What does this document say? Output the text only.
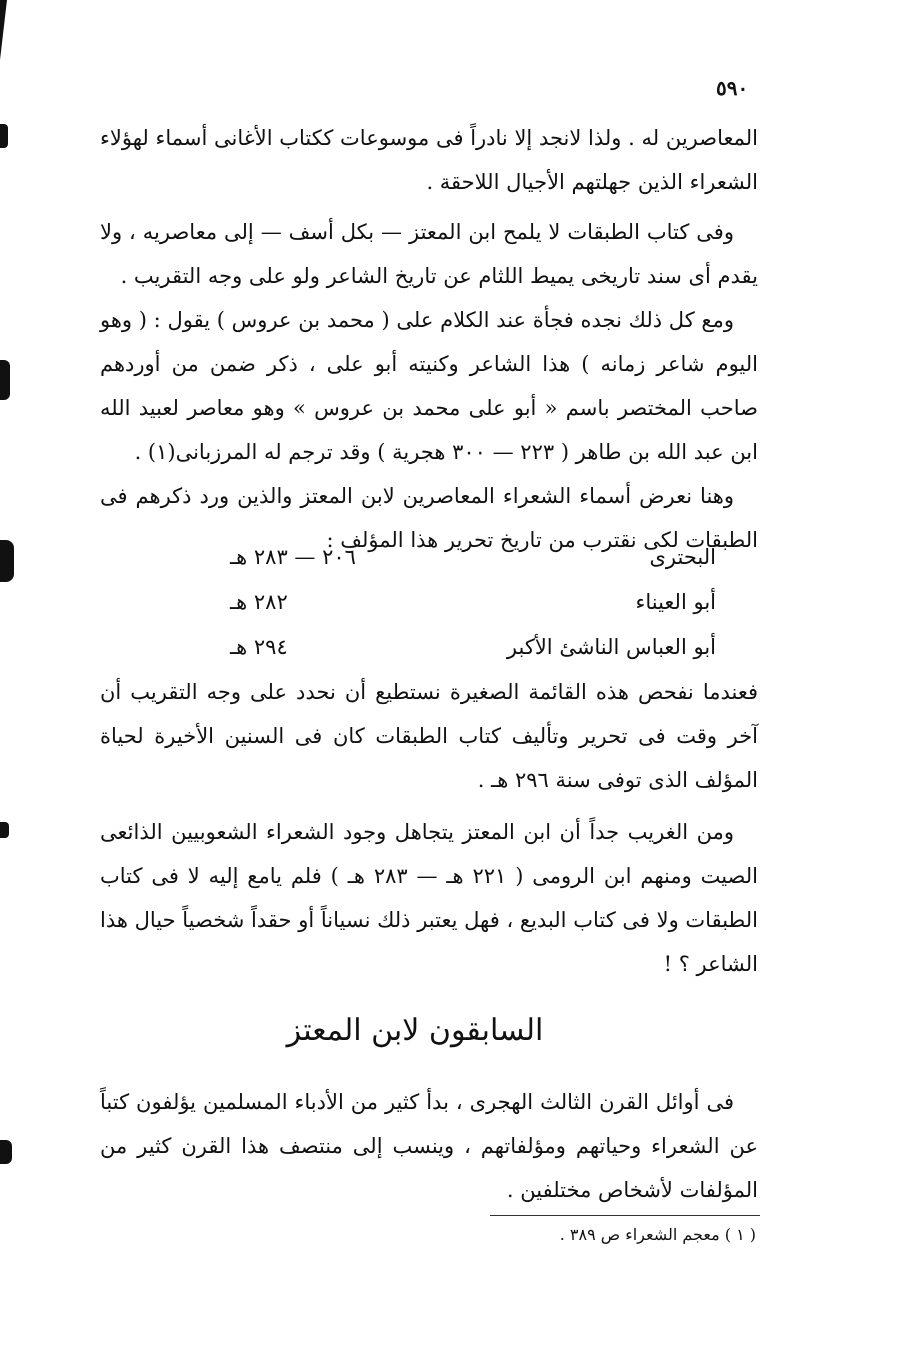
٥٩٠

المعاصرين له . ولذا لانجد إلا نادراً فى موسوعات ككتاب الأغانى أسماء لهؤلاء الشعراء الذين جهلتهم الأجيال اللاحقة .

وفى كتاب الطبقات لا يلمح ابن المعتز — بكل أسف — إلى معاصريه ، ولا يقدم أى سند تاريخى يميط اللثام عن تاريخ الشاعر ولو على وجه التقريب .

ومع كل ذلك نجده فجأة عند الكلام على ( محمد بن عروس ) يقول : ( وهو اليوم شاعر زمانه ) هذا الشاعر وكنيته أبو على ، ذكر ضمن من أوردهم صاحب المختصر باسم « أبو على محمد بن عروس » وهو معاصر لعبيد الله ابن عبد الله بن طاهر ( ٢٢٣ — ٣٠٠ هجرية ) وقد ترجم له المرزبانى(١) .

وهنا نعرض أسماء الشعراء المعاصرين لابن المعتز والذين ورد ذكرهم فى الطبقات لكى نقترب من تاريخ تحرير هذا المؤلف :

البحترى
٢٠٦ — ٢٨٣ هـ
أبو العيناء
٢٨٢ هـ
أبو العباس الناشئ الأكبر
٢٩٤ هـ

فعندما نفحص هذه القائمة الصغيرة نستطيع أن نحدد على وجه التقريب أن آخر وقت فى تحرير وتأليف كتاب الطبقات كان فى السنين الأخيرة لحياة المؤلف الذى توفى سنة ٢٩٦ هـ .

ومن الغريب جداً أن ابن المعتز يتجاهل وجود الشعراء الشعوبيين الذائعى الصيت ومنهم ابن الرومى ( ٢٢١ هـ — ٢٨٣ هـ ) فلم يامع إليه لا فى كتاب الطبقات ولا فى كتاب البديع ، فهل يعتبر ذلك نسياناً أو حقداً شخصياً حيال هذا الشاعر ؟ !

السابقون لابن المعتز

فى أوائل القرن الثالث الهجرى ، بدأ كثير من الأدباء المسلمين يؤلفون كتباً عن الشعراء وحياتهم ومؤلفاتهم ، وينسب إلى منتصف هذا القرن كثير من المؤلفات لأشخاص مختلفين .

( ١ ) معجم الشعراء ص ٣٨٩ .
